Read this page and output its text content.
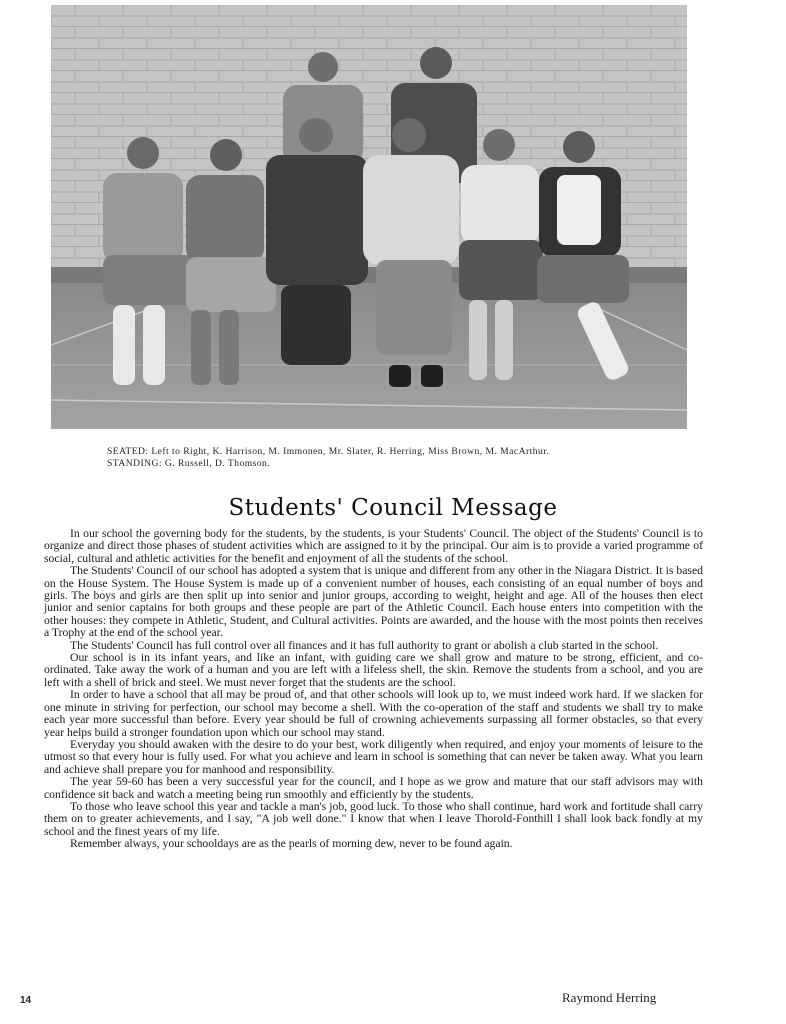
SEATED: Left to Right, K. Harrison, M. Immonen, Mr. Slater, R. Herring, Miss Brown, M. MacArthur.
STANDING: G. Russell, D. Thomson.
Students' Council Message

In our school the governing body for the students, by the students, is your Students' Council. The object of the Students' Council is to organize and direct those phases of student activities which are assigned to it by the principal. Our aim is to provide a varied programme of social, cultural and athletic activities for the benefit and enjoyment of all the students of the school.

The Students' Council of our school has adopted a system that is unique and different from any other in the Niagara District. It is based on the House System. The House System is made up of a convenient number of houses, each consisting of an equal number of boys and girls. The boys and girls are then split up into senior and junior groups, according to weight, height and age. All of the houses then elect junior and senior captains for both groups and these people are part of the Athletic Council. Each house enters into competition with the other houses: they compete in Athletic, Student, and Cultural activities. Points are awarded, and the house with the most points then receives a Trophy at the end of the school year.

The Students' Council has full control over all finances and it has full authority to grant or abolish a club started in the school.

Our school is in its infant years, and like an infant, with guiding care we shall grow and mature to be strong, efficient, and co-ordinated. Take away the work of a human and you are left with a lifeless shell, the skin. Remove the students from a school, and you are left with a shell of brick and steel. We must never forget that the students are the school.

In order to have a school that all may be proud of, and that other schools will look up to, we must indeed work hard. If we slacken for one minute in striving for perfection, our school may become a shell. With the co-operation of the staff and students we shall try to make each year more successful than before. Every year should be full of crowning achievements surpassing all former obstacles, so that every year helps build a stronger foundation upon which our school may stand.

Everyday you should awaken with the desire to do your best, work diligently when required, and enjoy your moments of leisure to the utmost so that every hour is fully used. For what you achieve and learn in school is something that can never be taken away. What you learn and achieve shall prepare you for manhood and responsibility.

The year 59-60 has been a very successful year for the council, and I hope as we grow and mature that our staff advisors may with confidence sit back and watch a meeting being run smoothly and efficiently by the students.

To those who leave school this year and tackle a man's job, good luck. To those who shall continue, hard work and fortitude shall carry them on to greater achievements, and I say, "A job well done." I know that when I leave Thorold-Fonthill I shall look back fondly at my school and the finest years of my life.

Remember always, your schooldays are as the pearls of morning dew, never to be found again.

14	Raymond Herring
